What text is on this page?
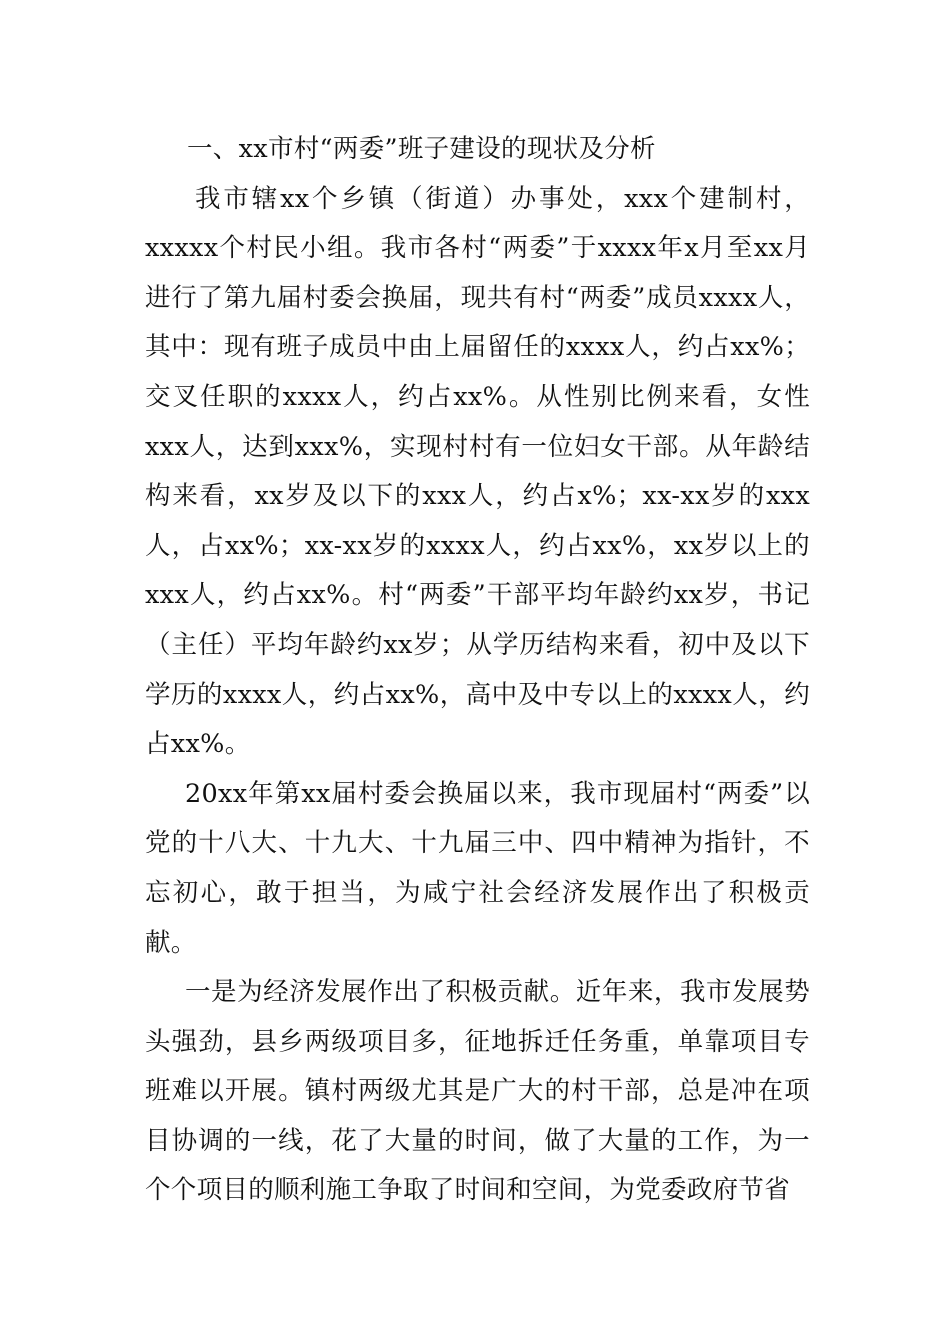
一、xx市村“两委”班子建设的现状及分析

我市辖xx个乡镇（街道）办事处，xxx个建制村，xxxxx个村民小组。我市各村“两委”于xxxx年x月至xx月进行了第九届村委会换届，现共有村“两委”成员xxxx人，其中：现有班子成员中由上届留任的xxxx人，约占xx%；交叉任职的xxxx人，约占xx%。从性别比例来看，女性xxx人，达到xxx%，实现村村有一位妇女干部。从年龄结构来看，xx岁及以下的xxx人，约占x%；xx-xx岁的xxx人，占xx%；xx-xx岁的xxxx人，约占xx%，xx岁以上的xxx人，约占xx%。村“两委”干部平均年龄约xx岁，书记（主任）平均年龄约xx岁；从学历结构来看，初中及以下学历的xxxx人，约占xx%，高中及中专以上的xxxx人，约占xx%。

20xx年第xx届村委会换届以来，我市现届村“两委”以党的十八大、十九大、十九届三中、四中精神为指针，不忘初心，敢于担当，为咸宁社会经济发展作出了积极贡献。

一是为经济发展作出了积极贡献。近年来，我市发展势头强劲，县乡两级项目多，征地拆迁任务重，单靠项目专班难以开展。镇村两级尤其是广大的村干部，总是冲在项目协调的一线，花了大量的时间，做了大量的工作，为一个个项目的顺利施工争取了时间和空间，为党委政府节省
